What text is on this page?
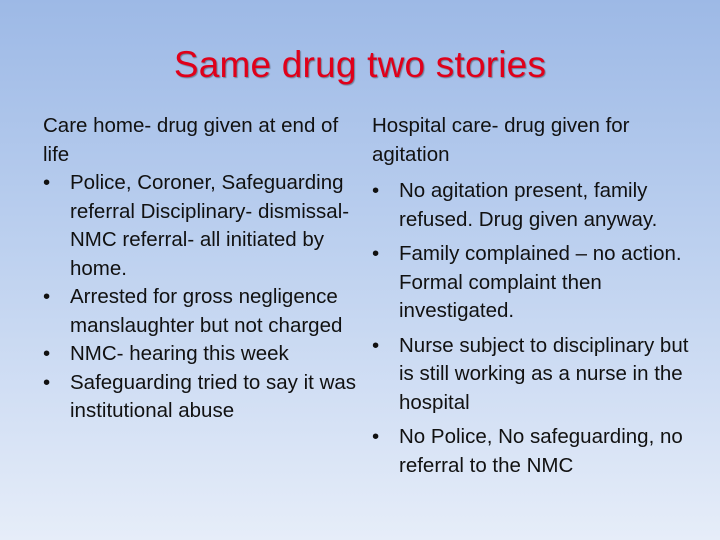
Same drug two stories
Care home- drug given at end of life
• Police, Coroner, Safeguarding referral Disciplinary- dismissal- NMC referral- all initiated by home.
• Arrested for gross negligence manslaughter but not charged
• NMC- hearing this week
• Safeguarding tried to say it was institutional abuse
Hospital care- drug given for agitation
• No agitation present, family refused. Drug given anyway.
• Family complained – no action. Formal complaint then investigated.
• Nurse subject to disciplinary but is still working as a nurse in the hospital
• No Police, No safeguarding, no referral to the NMC
